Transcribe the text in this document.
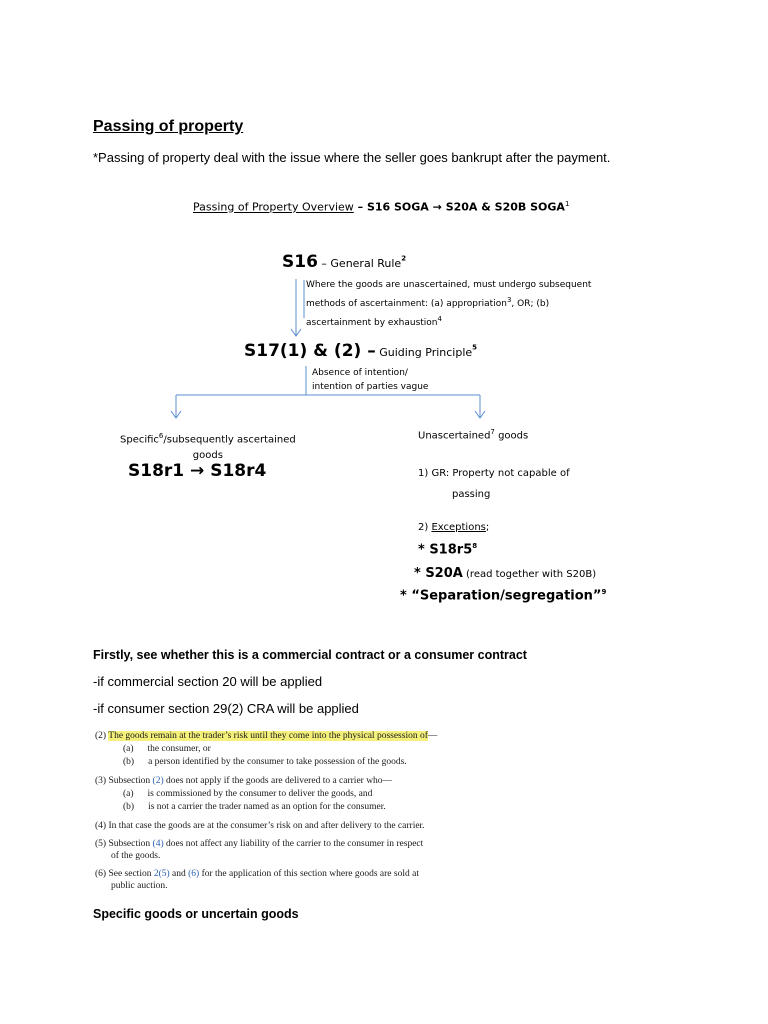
Passing of property
*Passing of property deal with the issue where the seller goes bankrupt after the payment.
Passing of Property Overview – S16 SOGA → S20A & S20B SOGA$^1$
S16 – General Rule$^2$
Where the goods are unascertained, must undergo subsequent
methods of ascertainment: (a) appropriation$^3$, OR; (b)
ascertainment by exhaustion$^4$
S17(1) & (2) – Guiding Principle$^5$
Absence of intention/
intention of parties vague
Specific$^6$/subsequently ascertained
goods
S18r1 → S18r4
Unascertained$^7$ goods
1) GR: Property not capable of
passing
2) Exceptions;
* $S18r5^8$
* S20A (read together with S20B)
* “Separation/segregation”$^9$
Firstly, see whether this is a commercial contract or a consumer contract
-if commercial section 20 will be applied
-if consumer section 29(2) CRA will be applied
(2) The goods remain at the trader’s risk until they come into the physical possession of—
(a) the consumer, or
(b) a person identified by the consumer to take possession of the goods.
(3) Subsection (2) does not apply if the goods are delivered to a carrier who—
(a) is commissioned by the consumer to deliver the goods, and
(b) is not a carrier the trader named as an option for the consumer.
(4) In that case the goods are at the consumer’s risk on and after delivery to the carrier.
(5) Subsection (4) does not affect any liability of the carrier to the consumer in respect
of the goods.
(6) See section 2(5) and (6) for the application of this section where goods are sold at
public auction.
Specific goods or uncertain goods
